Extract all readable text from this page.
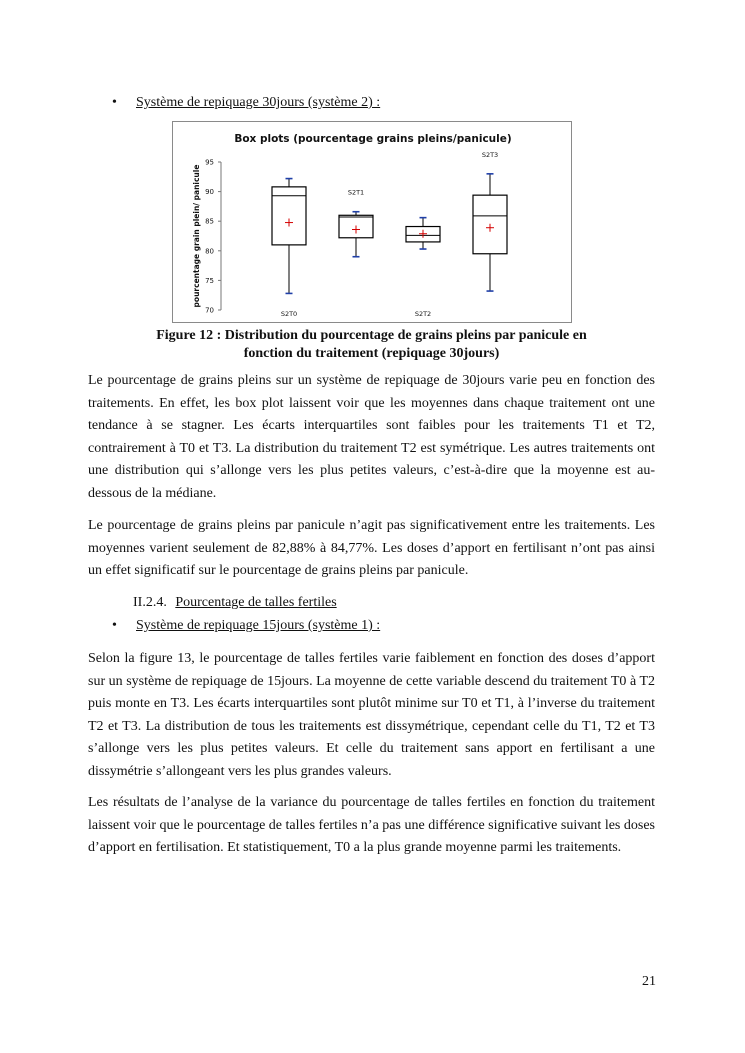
• Système de repiquage 30jours (système 2) :
Box plots (pourcentage grains pleins/panicule)
pourcentage grain plein/ panicule
70
75
80
85
90
95
S2T0
S2T1
S2T2
S2T3
Figure 12 : Distribution du pourcentage de grains pleins par panicule en
fonction du traitement (repiquage 30jours)

Le pourcentage de grains pleins sur un système de repiquage de 30jours varie peu en fonction des traitements. En effet, les box plot laissent voir que les moyennes dans chaque traitement ont une tendance à se stagner. Les écarts interquartiles sont faibles pour les traitements T1 et T2, contrairement à T0 et T3. La distribution du traitement T2 est symétrique. Les autres traitements ont une distribution qui s’allonge vers les plus petites valeurs, c’est-à-dire que la moyenne est au-dessous de la médiane.

Le pourcentage de grains pleins par panicule n’agit pas significativement entre les traitements. Les moyennes varient seulement de 82,88% à 84,77%. Les doses d’apport en fertilisant n’ont pas ainsi un effet significatif sur le pourcentage de grains pleins par panicule.

II.2.4. Pourcentage de talles fertiles
• Système de repiquage 15jours (système 1) :

Selon la figure 13, le pourcentage de talles fertiles varie faiblement en fonction des doses d’apport sur un système de repiquage de 15jours. La moyenne de cette variable descend du traitement T0 à T2 puis monte en T3. Les écarts interquartiles sont plutôt minime sur T0 et T1, à l’inverse du traitement T2 et T3. La distribution de tous les traitements est dissymétrique, cependant celle du T1, T2 et T3 s’allonge vers les plus petites valeurs. Et celle du traitement sans apport en fertilisant a une dissymétrie s’allongeant vers les plus grandes valeurs.

Les résultats de l’analyse de la variance du pourcentage de talles fertiles en fonction du traitement laissent voir que le pourcentage de talles fertiles n’a pas une différence significative suivant les doses d’apport en fertilisation. Et statistiquement, T0 a la plus grande moyenne parmi les traitements.

21
